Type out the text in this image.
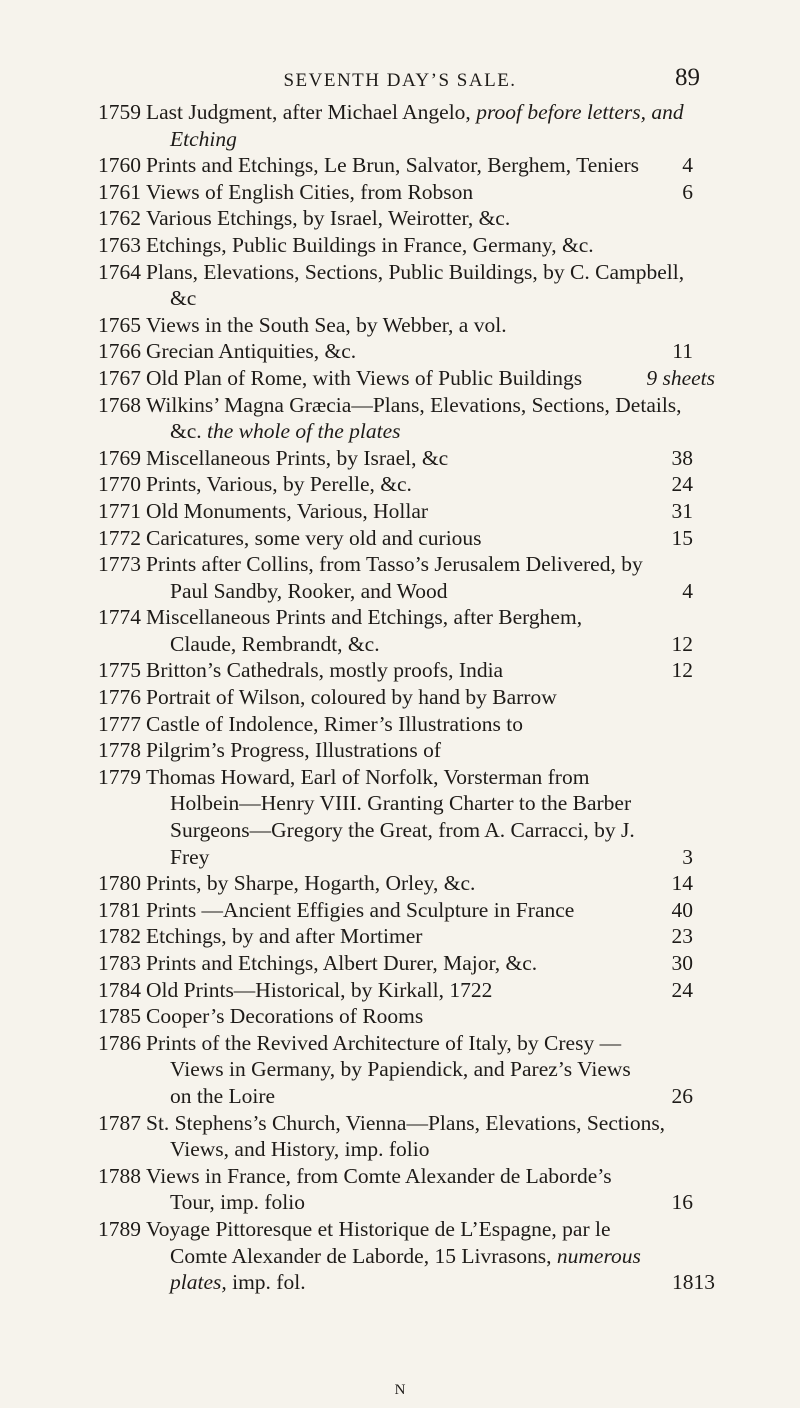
SEVENTH DAY’S SALE.	89
1759 Last Judgment, after Michael Angelo, proof before letters, and Etching
1760 Prints and Etchings, Le Brun, Salvator, Berghem, Teniers	4
1761 Views of English Cities, from Robson	6
1762 Various Etchings, by Israel, Weirotter, &c.
1763 Etchings, Public Buildings in France, Germany, &c.
1764 Plans, Elevations, Sections, Public Buildings, by C. Campbell, &c
1765 Views in the South Sea, by Webber, a vol.
1766 Grecian Antiquities, &c.	11
1767 Old Plan of Rome, with Views of Public Buildings	9 sheets
1768 Wilkins’ Magna Græcia—Plans, Elevations, Sections, Details, &c. the whole of the plates
1769 Miscellaneous Prints, by Israel, &c	38
1770 Prints, Various, by Perelle, &c.	24
1771 Old Monuments, Various, Hollar	31
1772 Caricatures, some very old and curious	15
1773 Prints after Collins, from Tasso’s Jerusalem Delivered, by Paul Sandby, Rooker, and Wood	4
1774 Miscellaneous Prints and Etchings, after Berghem, Claude, Rembrandt, &c.	12
1775 Britton’s Cathedrals, mostly proofs, India	12
1776 Portrait of Wilson, coloured by hand by Barrow
1777 Castle of Indolence, Rimer’s Illustrations to
1778 Pilgrim’s Progress, Illustrations of
1779 Thomas Howard, Earl of Norfolk, Vorsterman from Holbein—Henry VIII. Granting Charter to the Barber Surgeons—Gregory the Great, from A. Carracci, by J. Frey	3
1780 Prints, by Sharpe, Hogarth, Orley, &c.	14
1781 Prints —Ancient Effigies and Sculpture in France	40
1782 Etchings, by and after Mortimer	23
1783 Prints and Etchings, Albert Durer, Major, &c.	30
1784 Old Prints—Historical, by Kirkall, 1722	24
1785 Cooper’s Decorations of Rooms
1786 Prints of the Revived Architecture of Italy, by Cresy — Views in Germany, by Papiendick, and Parez’s Views on the Loire	26
1787 St. Stephens’s Church, Vienna—Plans, Elevations, Sections, Views, and History, imp. folio
1788 Views in France, from Comte Alexander de Laborde’s Tour, imp. folio	16
1789 Voyage Pittoresque et Historique de L’Espagne, par le Comte Alexander de Laborde, 15 Livrasons, numerous plates, imp. fol.	1813
N
